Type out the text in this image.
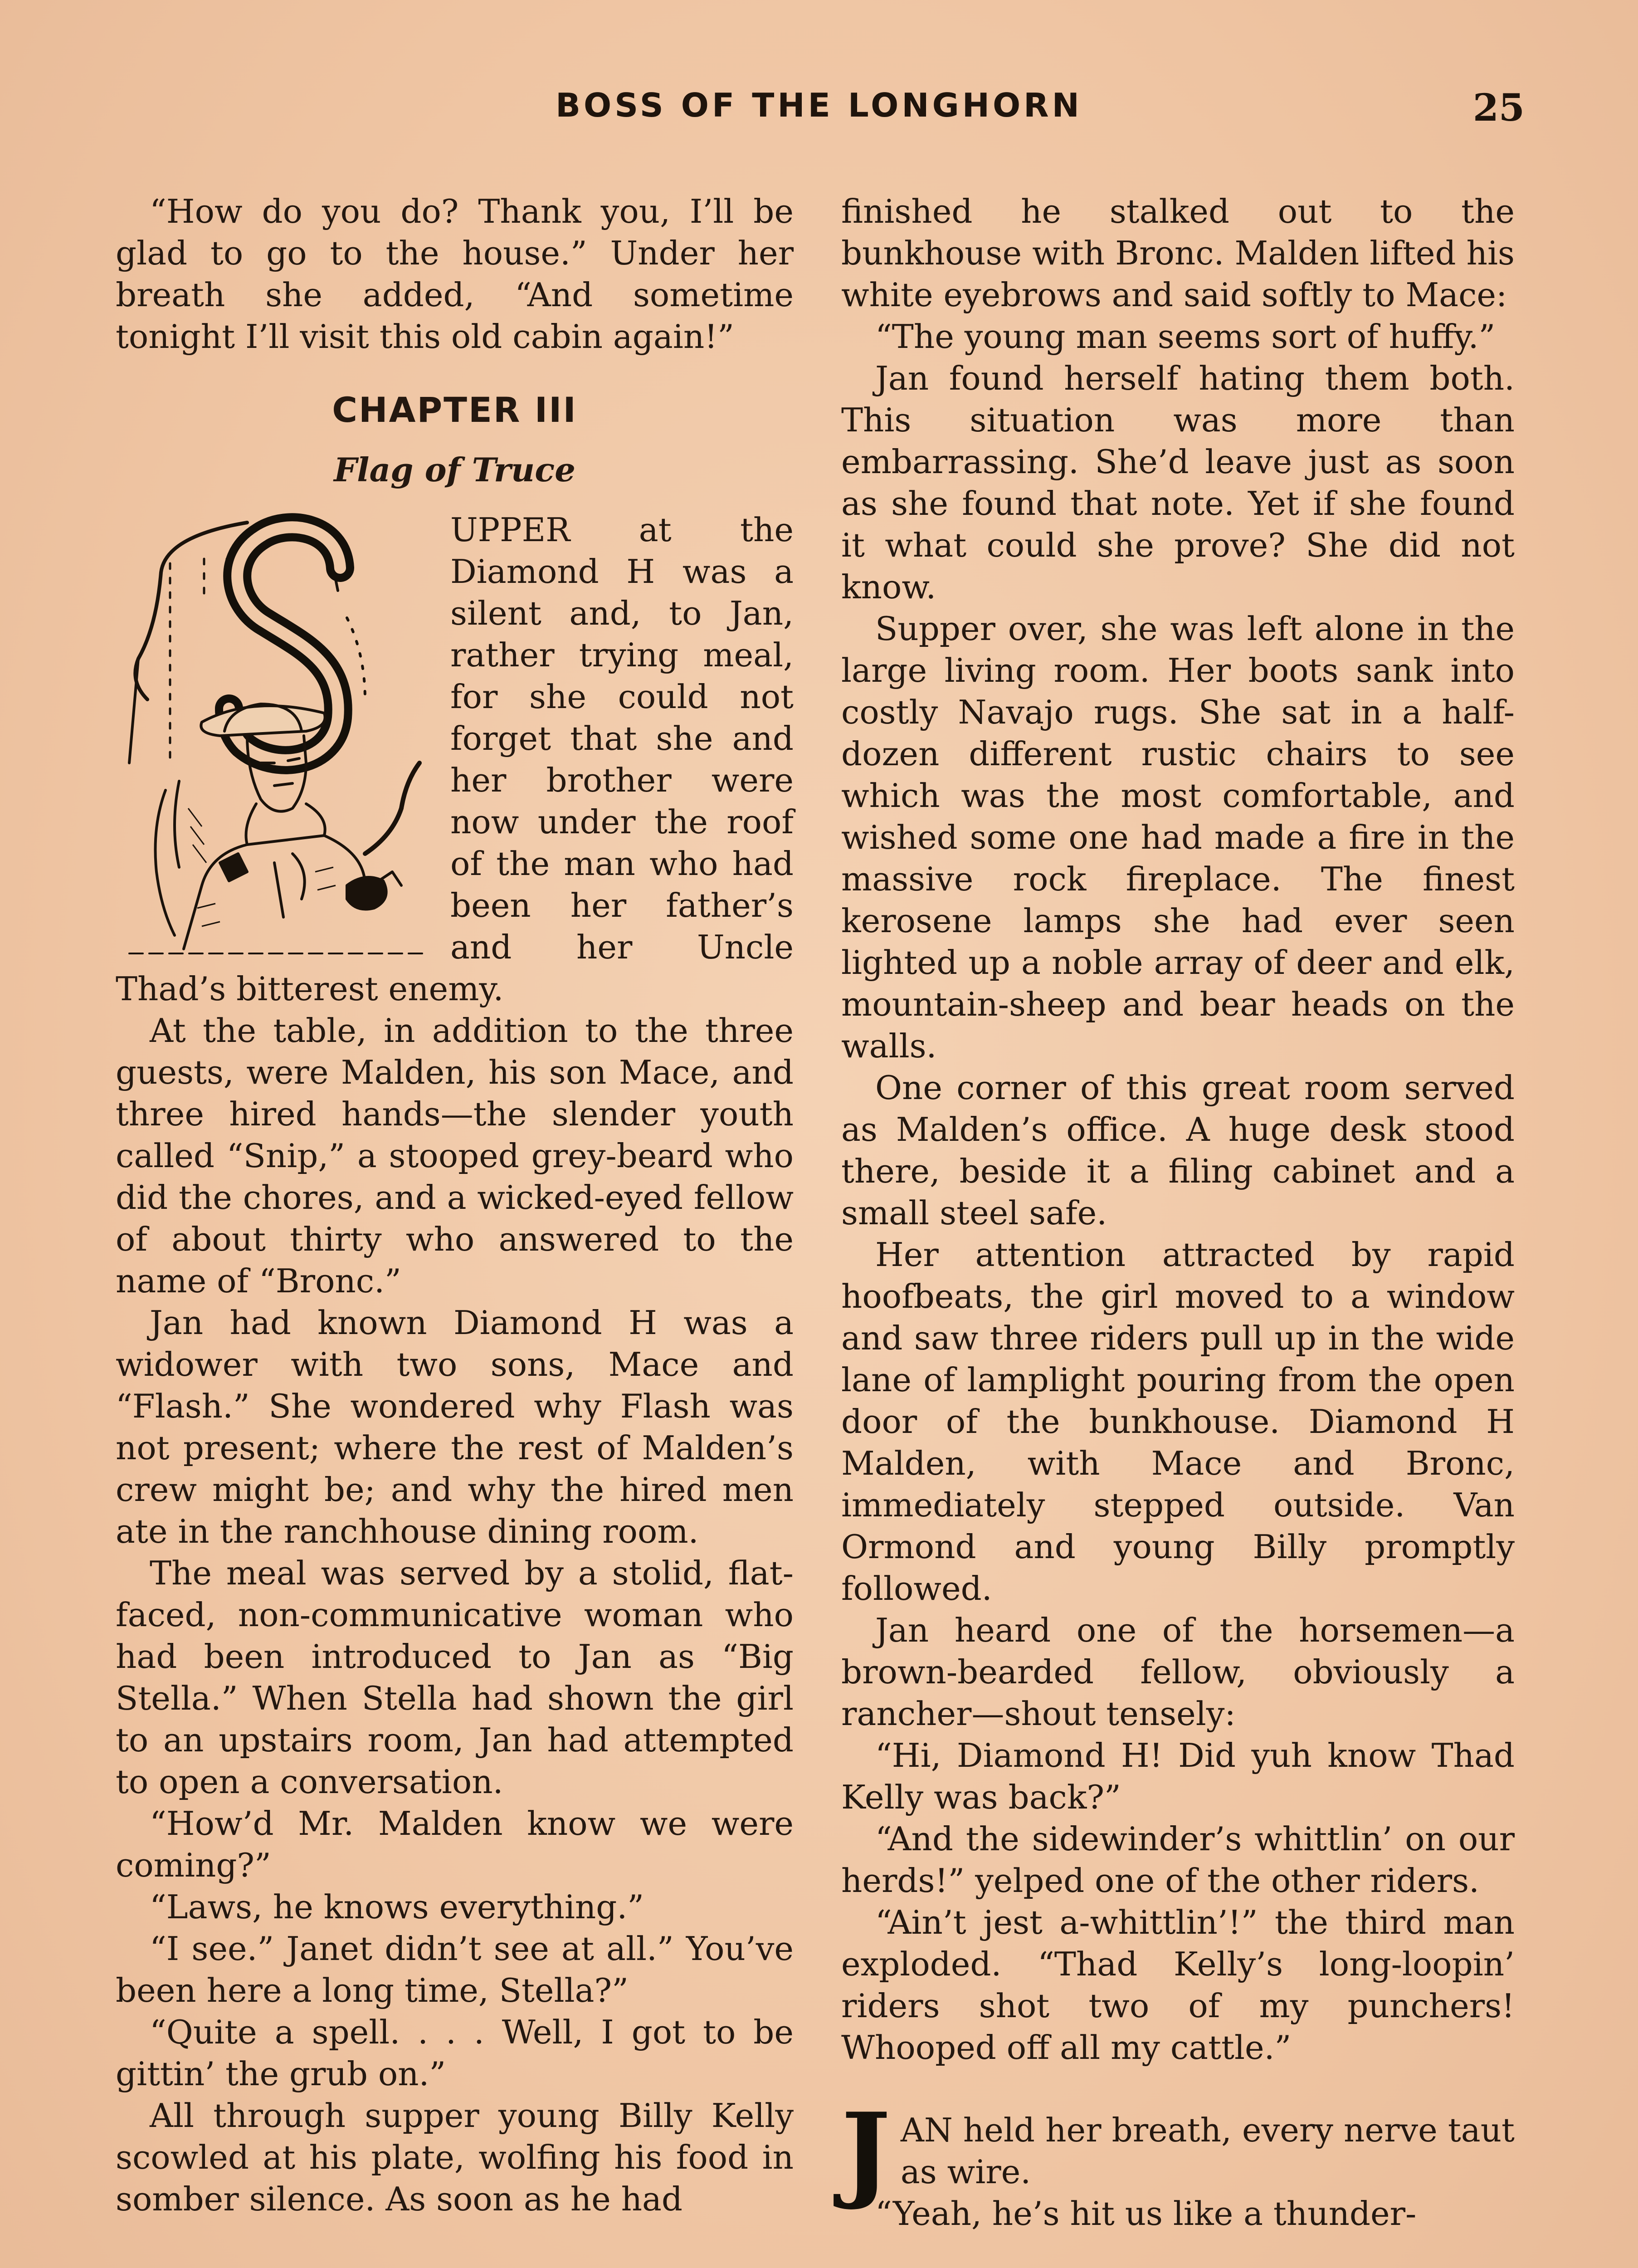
BOSS OF THE LONGHORN	25

“How do you do? Thank you, I’ll be glad to go to the house.” Under her breath she added, “And sometime tonight I’ll visit this old cabin again!”

CHAPTER III
Flag of Truce

UPPER at the Diamond H was a silent and, to Jan, rather trying meal, for she could not forget that she and her brother were now under the roof of the man who had been her father’s and her Uncle Thad’s bitterest enemy.

At the table, in addition to the three guests, were Malden, his son Mace, and three hired hands—the slender youth called “Snip,” a stooped grey-beard who did the chores, and a wicked-eyed fellow of about thirty who answered to the name of “Bronc.”

Jan had known Diamond H was a widower with two sons, Mace and “Flash.” She wondered why Flash was not present; where the rest of Malden’s crew might be; and why the hired men ate in the ranchhouse dining room.

The meal was served by a stolid, flat-faced, non-communicative woman who had been introduced to Jan as “Big Stella.” When Stella had shown the girl to an upstairs room, Jan had attempted to open a conversation.

“How’d Mr. Malden know we were coming?”

“Laws, he knows everything.”

“I see.” Janet didn’t see at all.” You’ve been here a long time, Stella?”

“Quite a spell. . . . Well, I got to be gittin’ the grub on.”

All through supper young Billy Kelly scowled at his plate, wolfing his food in somber silence. As soon as he had

finished he stalked out to the bunkhouse with Bronc. Malden lifted his white eyebrows and said softly to Mace:

“The young man seems sort of huffy.”

Jan found herself hating them both. This situation was more than embarrassing. She’d leave just as soon as she found that note. Yet if she found it what could she prove? She did not know.

Supper over, she was left alone in the large living room. Her boots sank into costly Navajo rugs. She sat in a half-dozen different rustic chairs to see which was the most comfortable, and wished some one had made a fire in the massive rock fireplace. The finest kerosene lamps she had ever seen lighted up a noble array of deer and elk, mountain-sheep and bear heads on the walls.

One corner of this great room served as Malden’s office. A huge desk stood there, beside it a filing cabinet and a small steel safe.

Her attention attracted by rapid hoofbeats, the girl moved to a window and saw three riders pull up in the wide lane of lamplight pouring from the open door of the bunkhouse. Diamond H Malden, with Mace and Bronc, immediately stepped outside. Van Ormond and young Billy promptly followed.

Jan heard one of the horsemen—a brown-bearded fellow, obviously a rancher—shout tensely:

“Hi, Diamond H! Did yuh know Thad Kelly was back?”

“And the sidewinder’s whittlin’ on our herds!” yelped one of the other riders.

“Ain’t jest a-whittlin’!” the third man exploded. “Thad Kelly’s long-loopin’ riders shot two of my punchers! Whooped off all my cattle.”

JAN held her breath, every nerve taut as wire.

“Yeah, he’s hit us like a thunder-
